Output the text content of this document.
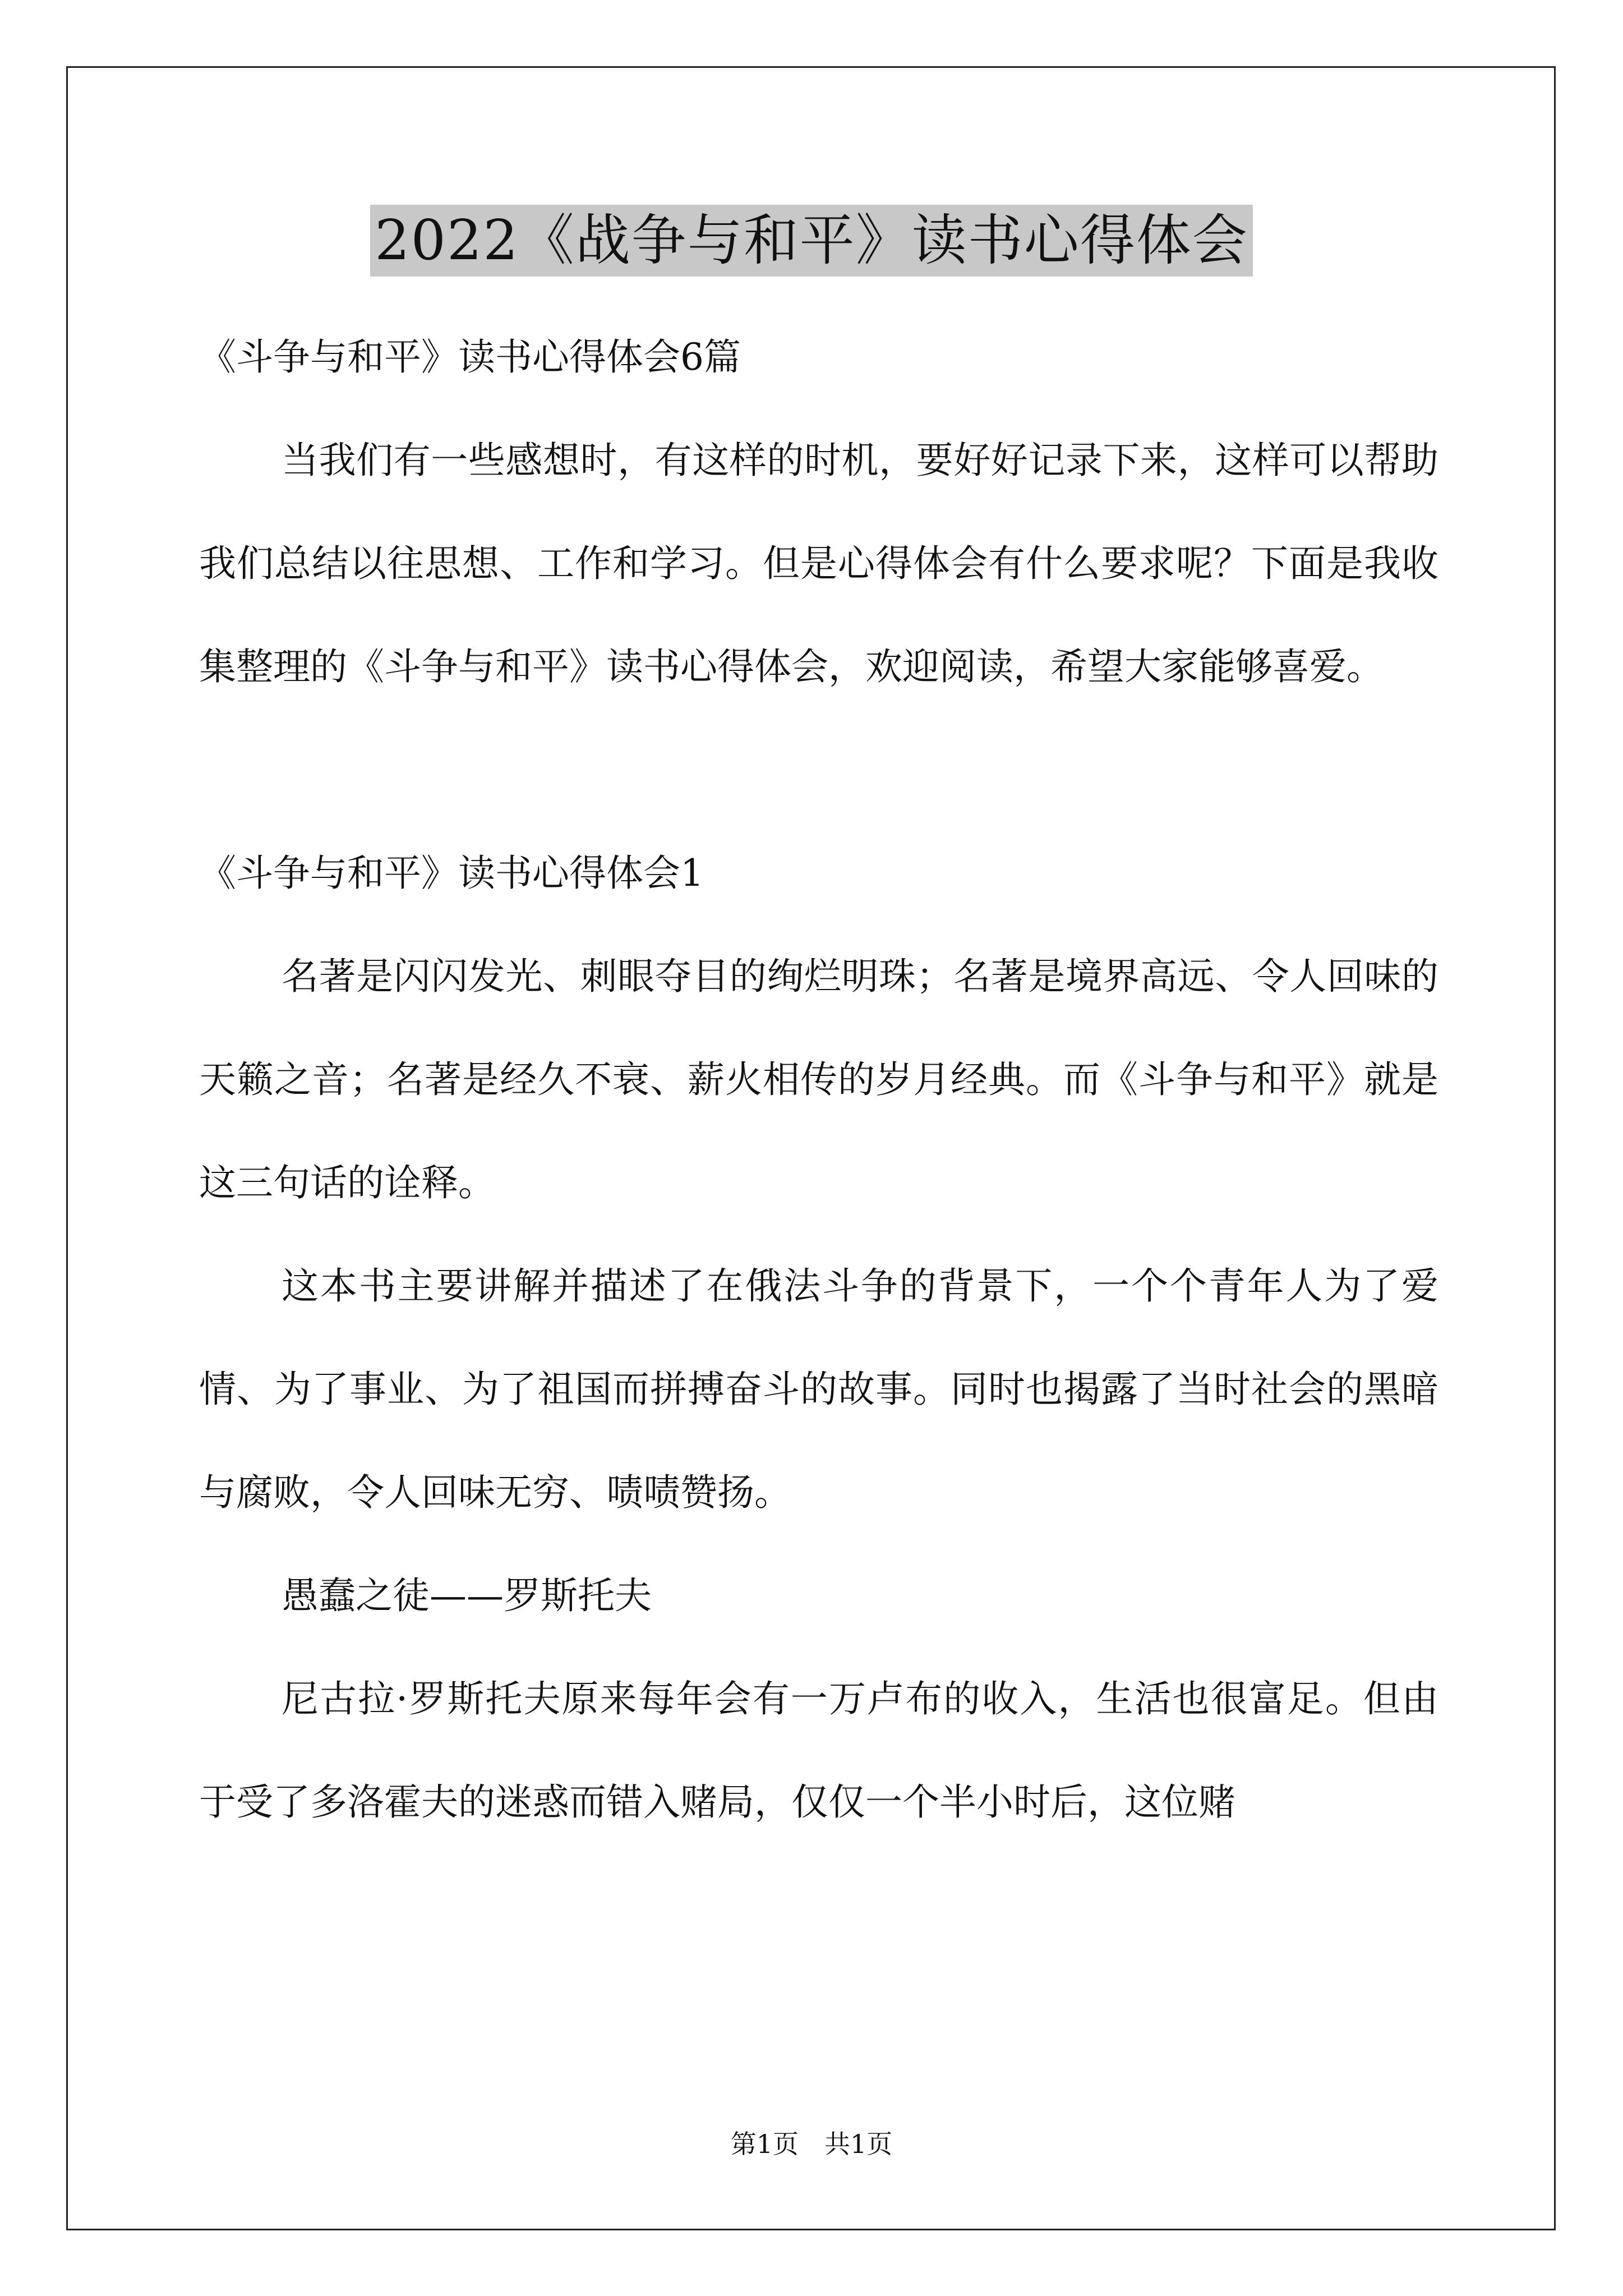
2022《战争与和平》读书心得体会

《斗争与和平》读书心得体会6篇

当我们有一些感想时，有这样的时机，要好好记录下来，这样可以帮助我们总结以往思想、工作和学习。但是心得体会有什么要求呢？下面是我收集整理的《斗争与和平》读书心得体会，欢迎阅读，希望大家能够喜爱。

《斗争与和平》读书心得体会1

名著是闪闪发光、刺眼夺目的绚烂明珠；名著是境界高远、令人回味的天籁之音；名著是经久不衰、薪火相传的岁月经典。而《斗争与和平》就是这三句话的诠释。

这本书主要讲解并描述了在俄法斗争的背景下，一个个青年人为了爱情、为了事业、为了祖国而拼搏奋斗的故事。同时也揭露了当时社会的黑暗与腐败，令人回味无穷、啧啧赞扬。

愚蠢之徒——罗斯托夫

尼古拉·罗斯托夫原来每年会有一万卢布的收入，生活也很富足。但由于受了多洛霍夫的迷惑而错入赌局，仅仅一个半小时后，这位赌

第1页　共1页
